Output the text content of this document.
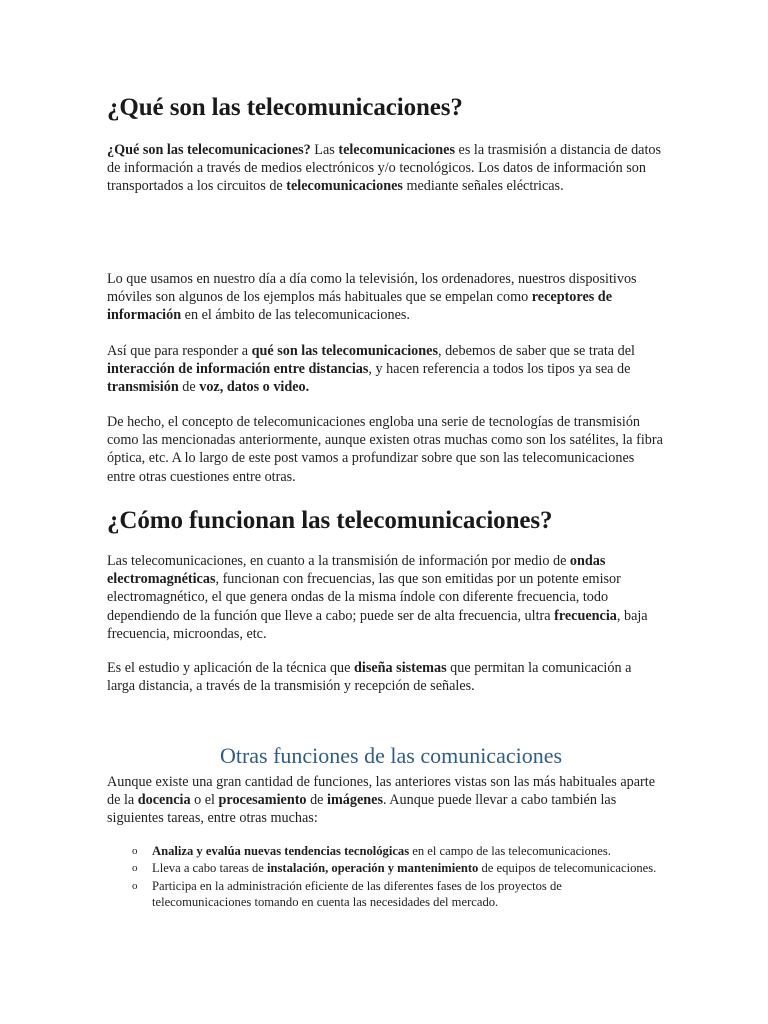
¿Qué son las telecomunicaciones?

¿Qué son las telecomunicaciones? Las telecomunicaciones es la trasmisión a distancia de datos de información a través de medios electrónicos y/o tecnológicos. Los datos de información son transportados a los circuitos de telecomunicaciones mediante señales eléctricas.

Lo que usamos en nuestro día a día como la televisión, los ordenadores, nuestros dispositivos móviles son algunos de los ejemplos más habituales que se empelan como receptores de información en el ámbito de las telecomunicaciones.

Así que para responder a qué son las telecomunicaciones, debemos de saber que se trata del interacción de información entre distancias, y hacen referencia a todos los tipos ya sea de transmisión de voz, datos o video.

De hecho, el concepto de telecomunicaciones engloba una serie de tecnologías de transmisión como las mencionadas anteriormente, aunque existen otras muchas como son los satélites, la fibra óptica, etc. A lo largo de este post vamos a profundizar sobre que son las telecomunicaciones entre otras cuestiones entre otras.

¿Cómo funcionan las telecomunicaciones?

Las telecomunicaciones, en cuanto a la transmisión de información por medio de ondas electromagnéticas, funcionan con frecuencias, las que son emitidas por un potente emisor electromagnético, el que genera ondas de la misma índole con diferente frecuencia, todo dependiendo de la función que lleve a cabo; puede ser de alta frecuencia, ultra frecuencia, baja frecuencia, microondas, etc.

Es el estudio y aplicación de la técnica que diseña sistemas que permitan la comunicación a larga distancia, a través de la transmisión y recepción de señales.

Otras funciones de las comunicaciones

Aunque existe una gran cantidad de funciones, las anteriores vistas son las más habituales aparte de la docencia o el procesamiento de imágenes. Aunque puede llevar a cabo también las siguientes tareas, entre otras muchas:

o Analiza y evalúa nuevas tendencias tecnológicas en el campo de las telecomunicaciones.
o Lleva a cabo tareas de instalación, operación y mantenimiento de equipos de telecomunicaciones.
o Participa en la administración eficiente de las diferentes fases de los proyectos de telecomunicaciones tomando en cuenta las necesidades del mercado.
